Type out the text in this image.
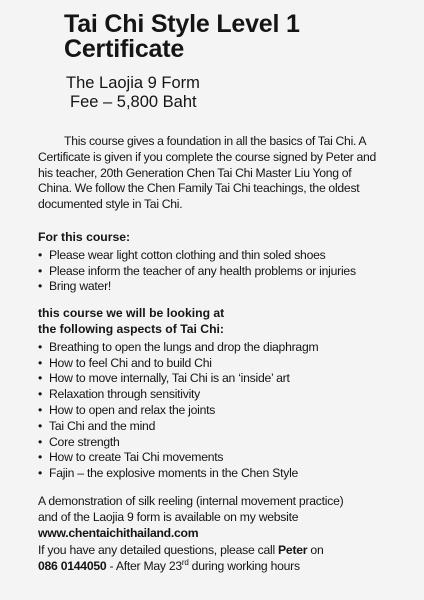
Tai Chi Style Level 1
Certificate
The Laojia 9 Form
Fee – 5,800 Baht

This course gives a foundation in all the basics of Tai Chi. A Certificate is given if you complete the course signed by Peter and his teacher, 20th Generation Chen Tai Chi Master Liu Yong of China. We follow the Chen Family Tai Chi teachings, the oldest documented style in Tai Chi.

For this course:

• Please wear light cotton clothing and thin soled shoes
• Please inform the teacher of any health problems or injuries
• Bring water!

this course we will be looking at
the following aspects of Tai Chi:

• Breathing to open the lungs and drop the diaphragm
• How to feel Chi and to build Chi
• How to move internally, Tai Chi is an ‘inside’ art
• Relaxation through sensitivity
• How to open and relax the joints
• Tai Chi and the mind
• Core strength
• How to create Tai Chi movements
• Fajin – the explosive moments in the Chen Style

A demonstration of silk reeling (internal movement practice)

and of the Laojia 9 form is available on my website

www.chentaichithailand.com

If you have any detailed questions, please call Peter on

086 0144050 - After May 23rd during working hours
